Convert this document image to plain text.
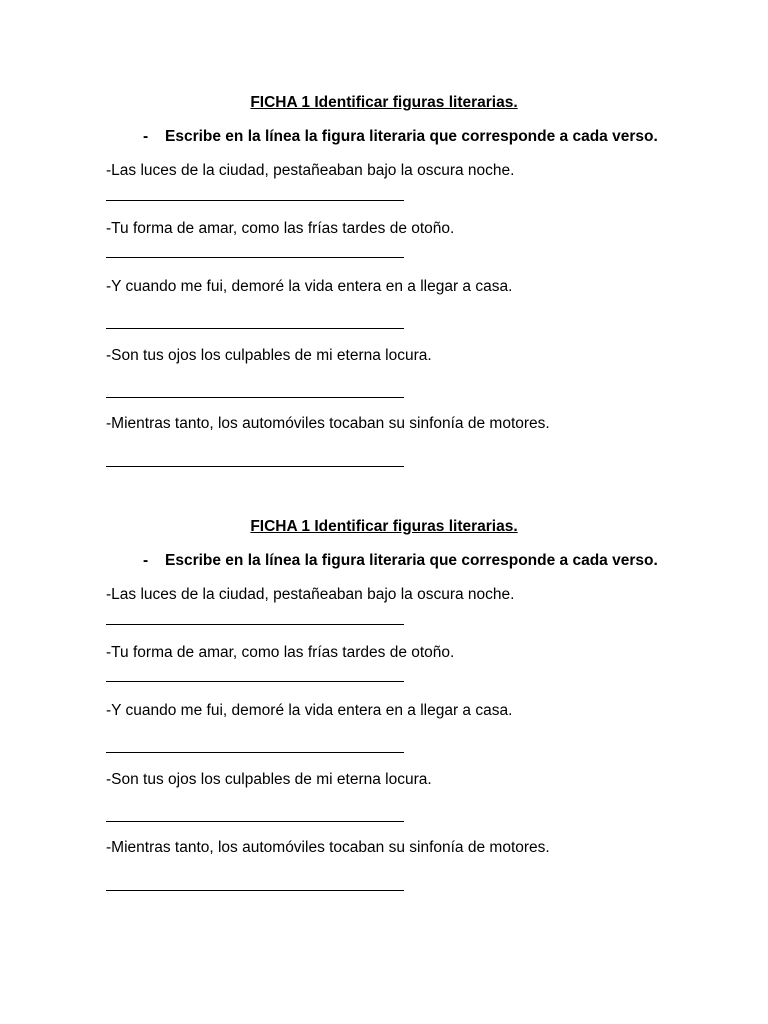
FICHA 1 Identificar figuras literarias.
- Escribe en la línea la figura literaria que corresponde a cada verso.
-Las luces de la ciudad, pestañeaban bajo la oscura noche.
-Tu forma de amar, como las frías tardes de otoño.
-Y cuando me fui, demoré la vida entera en a llegar a casa.
-Son tus ojos los culpables de mi eterna locura.
-Mientras tanto, los automóviles tocaban su sinfonía de motores.
FICHA 1 Identificar figuras literarias.
- Escribe en la línea la figura literaria que corresponde a cada verso.
-Las luces de la ciudad, pestañeaban bajo la oscura noche.
-Tu forma de amar, como las frías tardes de otoño.
-Y cuando me fui, demoré la vida entera en a llegar a casa.
-Son tus ojos los culpables de mi eterna locura.
-Mientras tanto, los automóviles tocaban su sinfonía de motores.
